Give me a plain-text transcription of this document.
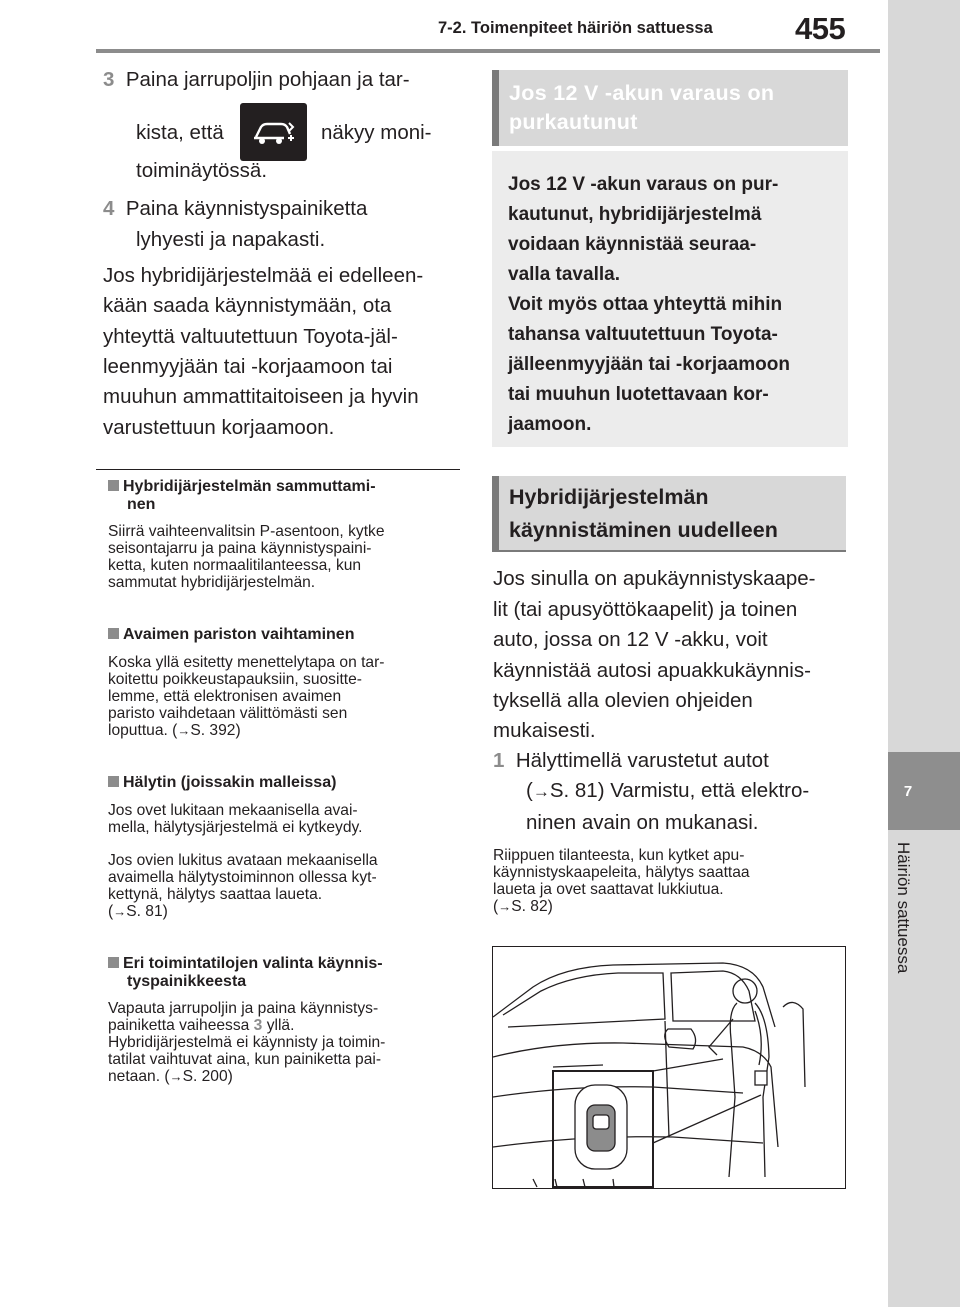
7-2. Toimenpiteet häiriön sattuessa	455
7
Häiriön sattuessa
3 Paina jarrupoljin pohjaan ja tar-
kista, että	näkyy moni-
toiminäytössä.
4 Paina käynnistyspainiketta
lyhyesti ja napakasti.
Jos hybridijärjestelmää ei edelleen-
kään saada käynnistymään, ota
yhteyttä valtuutettuun Toyota-jäl-
leenmyyjään tai -korjaamoon tai
muuhun ammattitaitoiseen ja hyvin
varustettuun korjaamoon.
Hybridijärjestelmän sammuttami-
nen
Siirrä vaihteenvalitsin P-asentoon, kytke
seisontajarru ja paina käynnistyspaini-
ketta, kuten normaalitilanteessa, kun
sammutat hybridijärjestelmän.
Avaimen pariston vaihtaminen
Koska yllä esitetty menettelytapa on tar-
koitettu poikkeustapauksiin, suositte-
lemme, että elektronisen avaimen
paristo vaihdetaan välittömästi sen
loputtua. (→S. 392)
Hälytin (joissakin malleissa)
Jos ovet lukitaan mekaanisella avai-
mella, hälytysjärjestelmä ei kytkeydy.
Jos ovien lukitus avataan mekaanisella
avaimella hälytystoiminnon ollessa kyt-
kettynä, hälytys saattaa laueta.
(→S. 81)
Eri toimintatilojen valinta käynnis-
tyspainikkeesta
Vapauta jarrupoljin ja paina käynnistys-
painiketta vaiheessa 3 yllä.
Hybridijärjestelmä ei käynnisty ja toimin-
tatilat vaihtuvat aina, kun painiketta pai-
netaan. (→S. 200)
Jos 12 V -akun varaus on
purkautunut
Jos 12 V -akun varaus on pur-
kautunut, hybridijärjestelmä
voidaan käynnistää seuraa-
valla tavalla.
Voit myös ottaa yhteyttä mihin
tahansa valtuutettuun Toyota-
jälleenmyyjään tai -korjaamoon
tai muuhun luotettavaan kor-
jaamoon.
Hybridijärjestelmän
käynnistäminen uudelleen
Jos sinulla on apukäynnistyskaape-
lit (tai apusyöttökaapelit) ja toinen
auto, jossa on 12 V -akku, voit
käynnistää autosi apuakkukäynnis-
tyksellä alla olevien ohjeiden
mukaisesti.
1 Hälyttimellä varustetut autot
(→S. 81) Varmistu, että elektro-
ninen avain on mukanasi.
Riippuen tilanteesta, kun kytket apu-
käynnistyskaapeleita, hälytys saattaa
laueta ja ovet saattavat lukkiutua.
(→S. 82)
